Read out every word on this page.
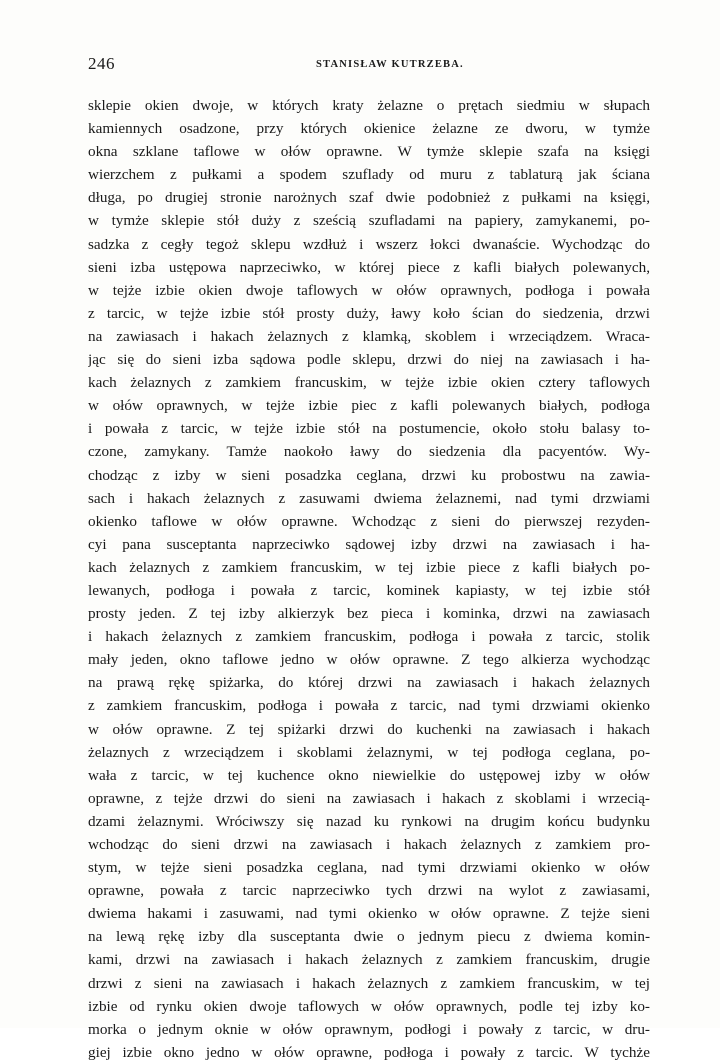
246	STANISŁAW KUTRZEBA.
sklepie okien dwoje, w których kraty żelazne o prętach siedmiu w słupach
kamiennych osadzone, przy których okienice żelazne ze dworu, w tymże
okna szklane taflowe w ołów oprawne. W tymże sklepie szafa na księgi
wierzchem z pułkami a spodem szuflady od muru z tablaturą jak ściana
długa, po drugiej stronie narożnych szaf dwie podobnież z pułkami na księgi,
w tymże sklepie stół duży z sześcią szufladami na papiery, zamykanemi, po-
sadzka z cegły tegoż sklepu wzdłuż i wszerz łokci dwanaście. Wychodząc do
sieni izba ustępowa naprzeciwko, w której piece z kafli białych polewanych,
w tejże izbie okien dwoje taflowych w ołów oprawnych, podłoga i powała
z tarcic, w tejże izbie stół prosty duży, ławy koło ścian do siedzenia, drzwi
na zawiasach i hakach żelaznych z klamką, skoblem i wrzeciądzem. Wraca-
jąc się do sieni izba sądowa podle sklepu, drzwi do niej na zawiasach i ha-
kach żelaznych z zamkiem francuskim, w tejże izbie okien cztery taflowych
w ołów oprawnych, w tejże izbie piec z kafli polewanych białych, podłoga
i powała z tarcic, w tejże izbie stół na postumencie, około stołu balasy to-
czone, zamykany. Tamże naokoło ławy do siedzenia dla pacyentów. Wy-
chodząc z izby w sieni posadzka ceglana, drzwi ku probostwu na zawia-
sach i hakach żelaznych z zasuwami dwiema żelaznemi, nad tymi drzwiami
okienko taflowe w ołów oprawne. Wchodząc z sieni do pierwszej rezyden-
cyi pana susceptanta naprzeciwko sądowej izby drzwi na zawiasach i ha-
kach żelaznych z zamkiem francuskim, w tej izbie piece z kafli białych po-
lewanych, podłoga i powała z tarcic, kominek kapiasty, w tej izbie stół
prosty jeden. Z tej izby alkierzyk bez pieca i kominka, drzwi na zawiasach
i hakach żelaznych z zamkiem francuskim, podłoga i powała z tarcic, stolik
mały jeden, okno taflowe jedno w ołów oprawne. Z tego alkierza wychodząc
na prawą rękę spiżarka, do której drzwi na zawiasach i hakach żelaznych
z zamkiem francuskim, podłoga i powała z tarcic, nad tymi drzwiami okienko
w ołów oprawne. Z tej spiżarki drzwi do kuchenki na zawiasach i hakach
żelaznych z wrzeciądzem i skoblami żelaznymi, w tej podłoga ceglana, po-
wała z tarcic, w tej kuchence okno niewielkie do ustępowej izby w ołów
oprawne, z tejże drzwi do sieni na zawiasach i hakach z skoblami i wrzecią-
dzami żelaznymi. Wróciwszy się nazad ku rynkowi na drugim końcu budynku
wchodząc do sieni drzwi na zawiasach i hakach żelaznych z zamkiem pro-
stym, w tejże sieni posadzka ceglana, nad tymi drzwiami okienko w ołów
oprawne, powała z tarcic naprzeciwko tych drzwi na wylot z zawiasami,
dwiema hakami i zasuwami, nad tymi okienko w ołów oprawne. Z tejże sieni
na lewą rękę izby dla susceptanta dwie o jednym piecu z dwiema komin-
kami, drzwi na zawiasach i hakach żelaznych z zamkiem francuskim, drugie
drzwi z sieni na zawiasach i hakach żelaznych z zamkiem francuskim, w tej
izbie od rynku okien dwoje taflowych w ołów oprawnych, podle tej izby ko-
morka o jednym oknie w ołów oprawnym, podłogi i powały z tarcic, w dru-
giej izbie okno jedno w ołów oprawne, podłoga i powały z tarcic. W tychże
